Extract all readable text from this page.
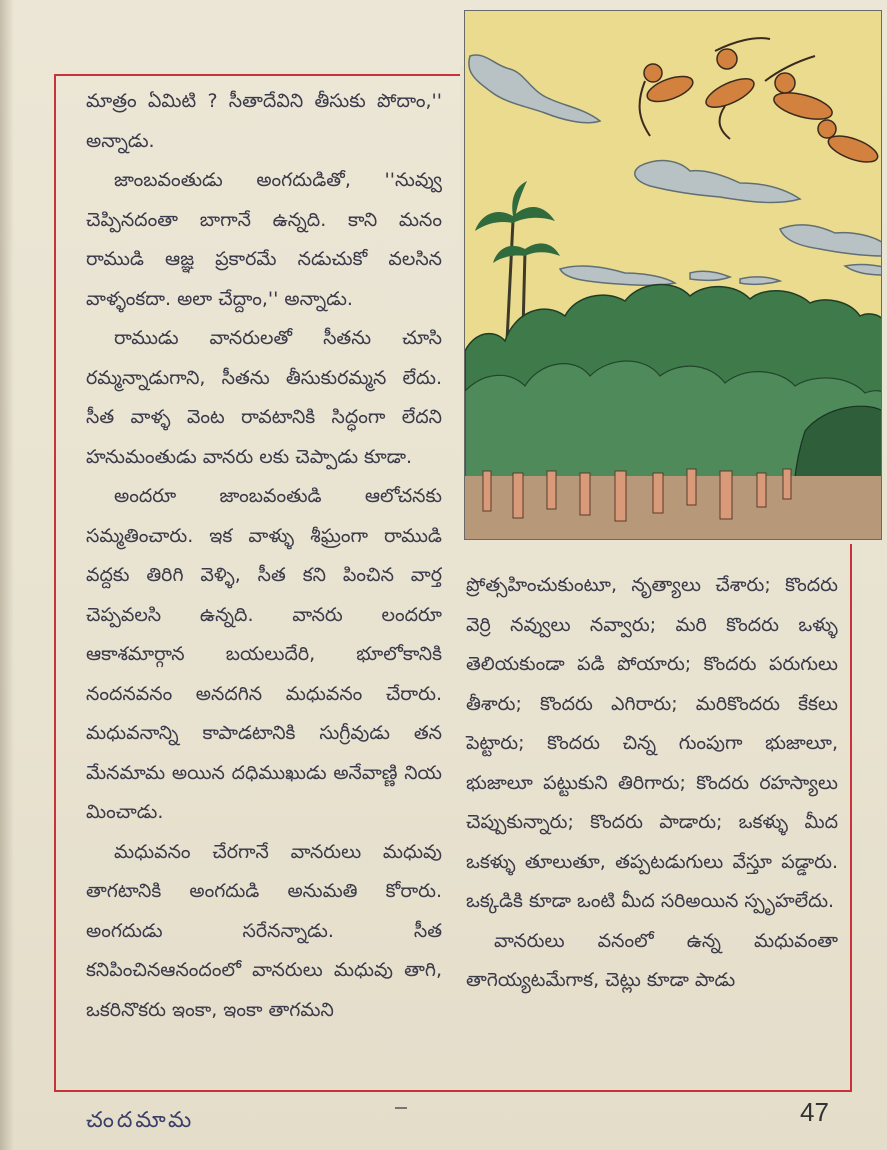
మాత్రం ఏమిటి ? సీతాదేవిని తీసుకు పోదాం,'' అన్నాడు.

జాంబవంతుడు అంగదుడితో, ''నువ్వు చెప్పినదంతా బాగానే ఉన్నది. కాని మనం రాముడి ఆజ్ఞ ప్రకారమే నడుచుకో వలసిన వాళ్ళంకదా. అలా చేద్దాం,'' అన్నాడు.

రాముడు వానరులతో సీతను చూసి రమ్మన్నాడుగాని, సీతను తీసుకురమ్మన లేదు. సీత వాళ్ళ వెంట రావటానికి సిద్ధంగా లేదని హనుమంతుడు వానరు లకు చెప్పాడు కూడా.

అందరూ జాంబవంతుడి ఆలోచనకు సమ్మతించారు. ఇక వాళ్ళు శీఘ్రంగా రాముడి వద్దకు తిరిగి వెళ్ళి, సీత కని పించిన వార్త చెప్పవలసి ఉన్నది. వానరు లందరూ ఆకాశమార్గాన బయలుదేరి, భూలోకానికి నందనవనం అనదగిన మధువనం చేరారు. మధువనాన్ని కాపాడటానికి సుగ్రీవుడు తన మేనమామ అయిన దధిముఖుడు అనేవాణ్ణి నియ మించాడు.

మధువనం చేరగానే వానరులు మధువు తాగటానికి అంగదుడి అనుమతి కోరారు. అంగదుడు సరేనన్నాడు. సీత కనిపించినఆనందంలో వానరులు మధువు తాగి, ఒకరినొకరు ఇంకా, ఇంకా తాగమని

ప్రోత్సహించుకుంటూ, నృత్యాలు చేశారు; కొందరు వెర్రి నవ్వులు నవ్వారు; మరి కొందరు ఒళ్ళు తెలియకుండా పడి పోయారు; కొందరు పరుగులు తీశారు; కొందరు ఎగిరారు; మరికొందరు కేకలు పెట్టారు; కొందరు చిన్న గుంపుగా భుజాలూ, భుజాలూ పట్టుకుని తిరిగారు; కొందరు రహస్యాలు చెప్పుకున్నారు; కొందరు పాడారు; ఒకళ్ళు మీద ఒకళ్ళు తూలుతూ, తప్పటడుగులు వేస్తూ పడ్డారు. ఒక్కడికి కూడా ఒంటి మీద సరిఅయిన స్పృహలేదు.

వానరులు వనంలో ఉన్న మధువంతా తాగెయ్యటమేగాక, చెట్లు కూడా పాడు

చందమామ	47
